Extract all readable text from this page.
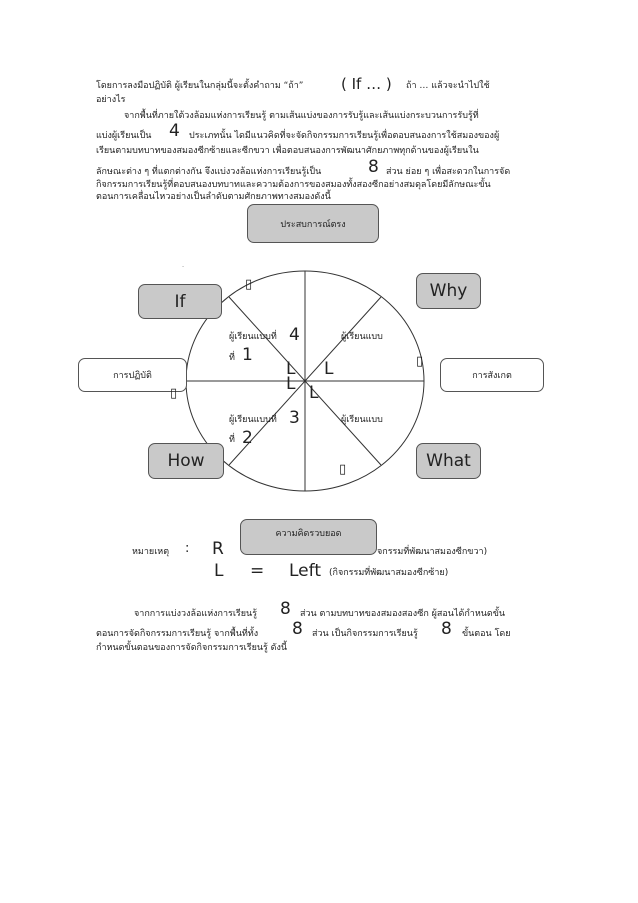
โดยการลงมือปฏิบัติ ผู้เรียนในกลุ่มนี้จะตั้งคำถาม “ถ้า”	( If … ) ถ้า … แล้วจะนำไปใช้
อย่างไร
จากพื้นที่ภายใต้วงล้อมแห่งการเรียนรู้ ตามเส้นแบ่งของการรับรู้และเส้นแบ่งกระบวนการรับรู้ที่
แบ่งผู้เรียนเป็น 4 ประเภทนั้น ไดมีแนวคิดที่จะจัดกิจกรรมการเรียนรู้เพื่อตอบสนองการใช้สมองของผู้
เรียนตามบทบาทของสมองซีกซ้ายและซีกขวา เพื่อตอบสนองการพัฒนาศักยภาพทุกด้านของผู้เรียนใน
ลักษณะต่าง ๆ ที่แตกต่างกัน จึงแบ่งวงล้อแห่งการเรียนรู้เป็น	8 ส่วน ย่อย ๆ เพื่อสะดวกในการจัด
กิจกรรมการเรียนรู้ที่ตอบสนองบทบาทและความต้องการของสมองทั้งสองซีกอย่างสมดุลโดยมีลักษณะขั้น
ตอนการเคลื่อนไหวอย่างเป็นลำดับตามศักยภาพทางสมองดังนี้
-
ประสบการณ์ตรง
ความคิดรวบยอด
การปฏิบัติ	การสังเกต
If
Why
How	What
ผู้เรียนแบบที่ 4
ที่ 1
ผู้เรียนแบบ
ผู้เรียนแบบที่ 3
ที่ 2
ผู้เรียนแบบ
L L
L L
▯
▯
▯
▯
หมายเหตุ : R	จกรรมที่พัฒนาสมองซีกขวา)
L = Left (กิจกรรมที่พัฒนาสมองซีกซ้าย)
จากการแบ่งวงล้อแห่งการเรียนรู้ 8 ส่วน ตามบทบาทของสมองสองซีก ผู้สอนได้กำหนดขั้น
ตอนการจัดกิจกรรมการเรียนรู้ จากพื้นที่ทั้ง 8 ส่วน เป็นกิจกรรมการเรียนรู้ 8 ขั้นตอน โดย
กำหนดขั้นตอนของการจัดกิจกรรมการเรียนรู้ ดังนี้
